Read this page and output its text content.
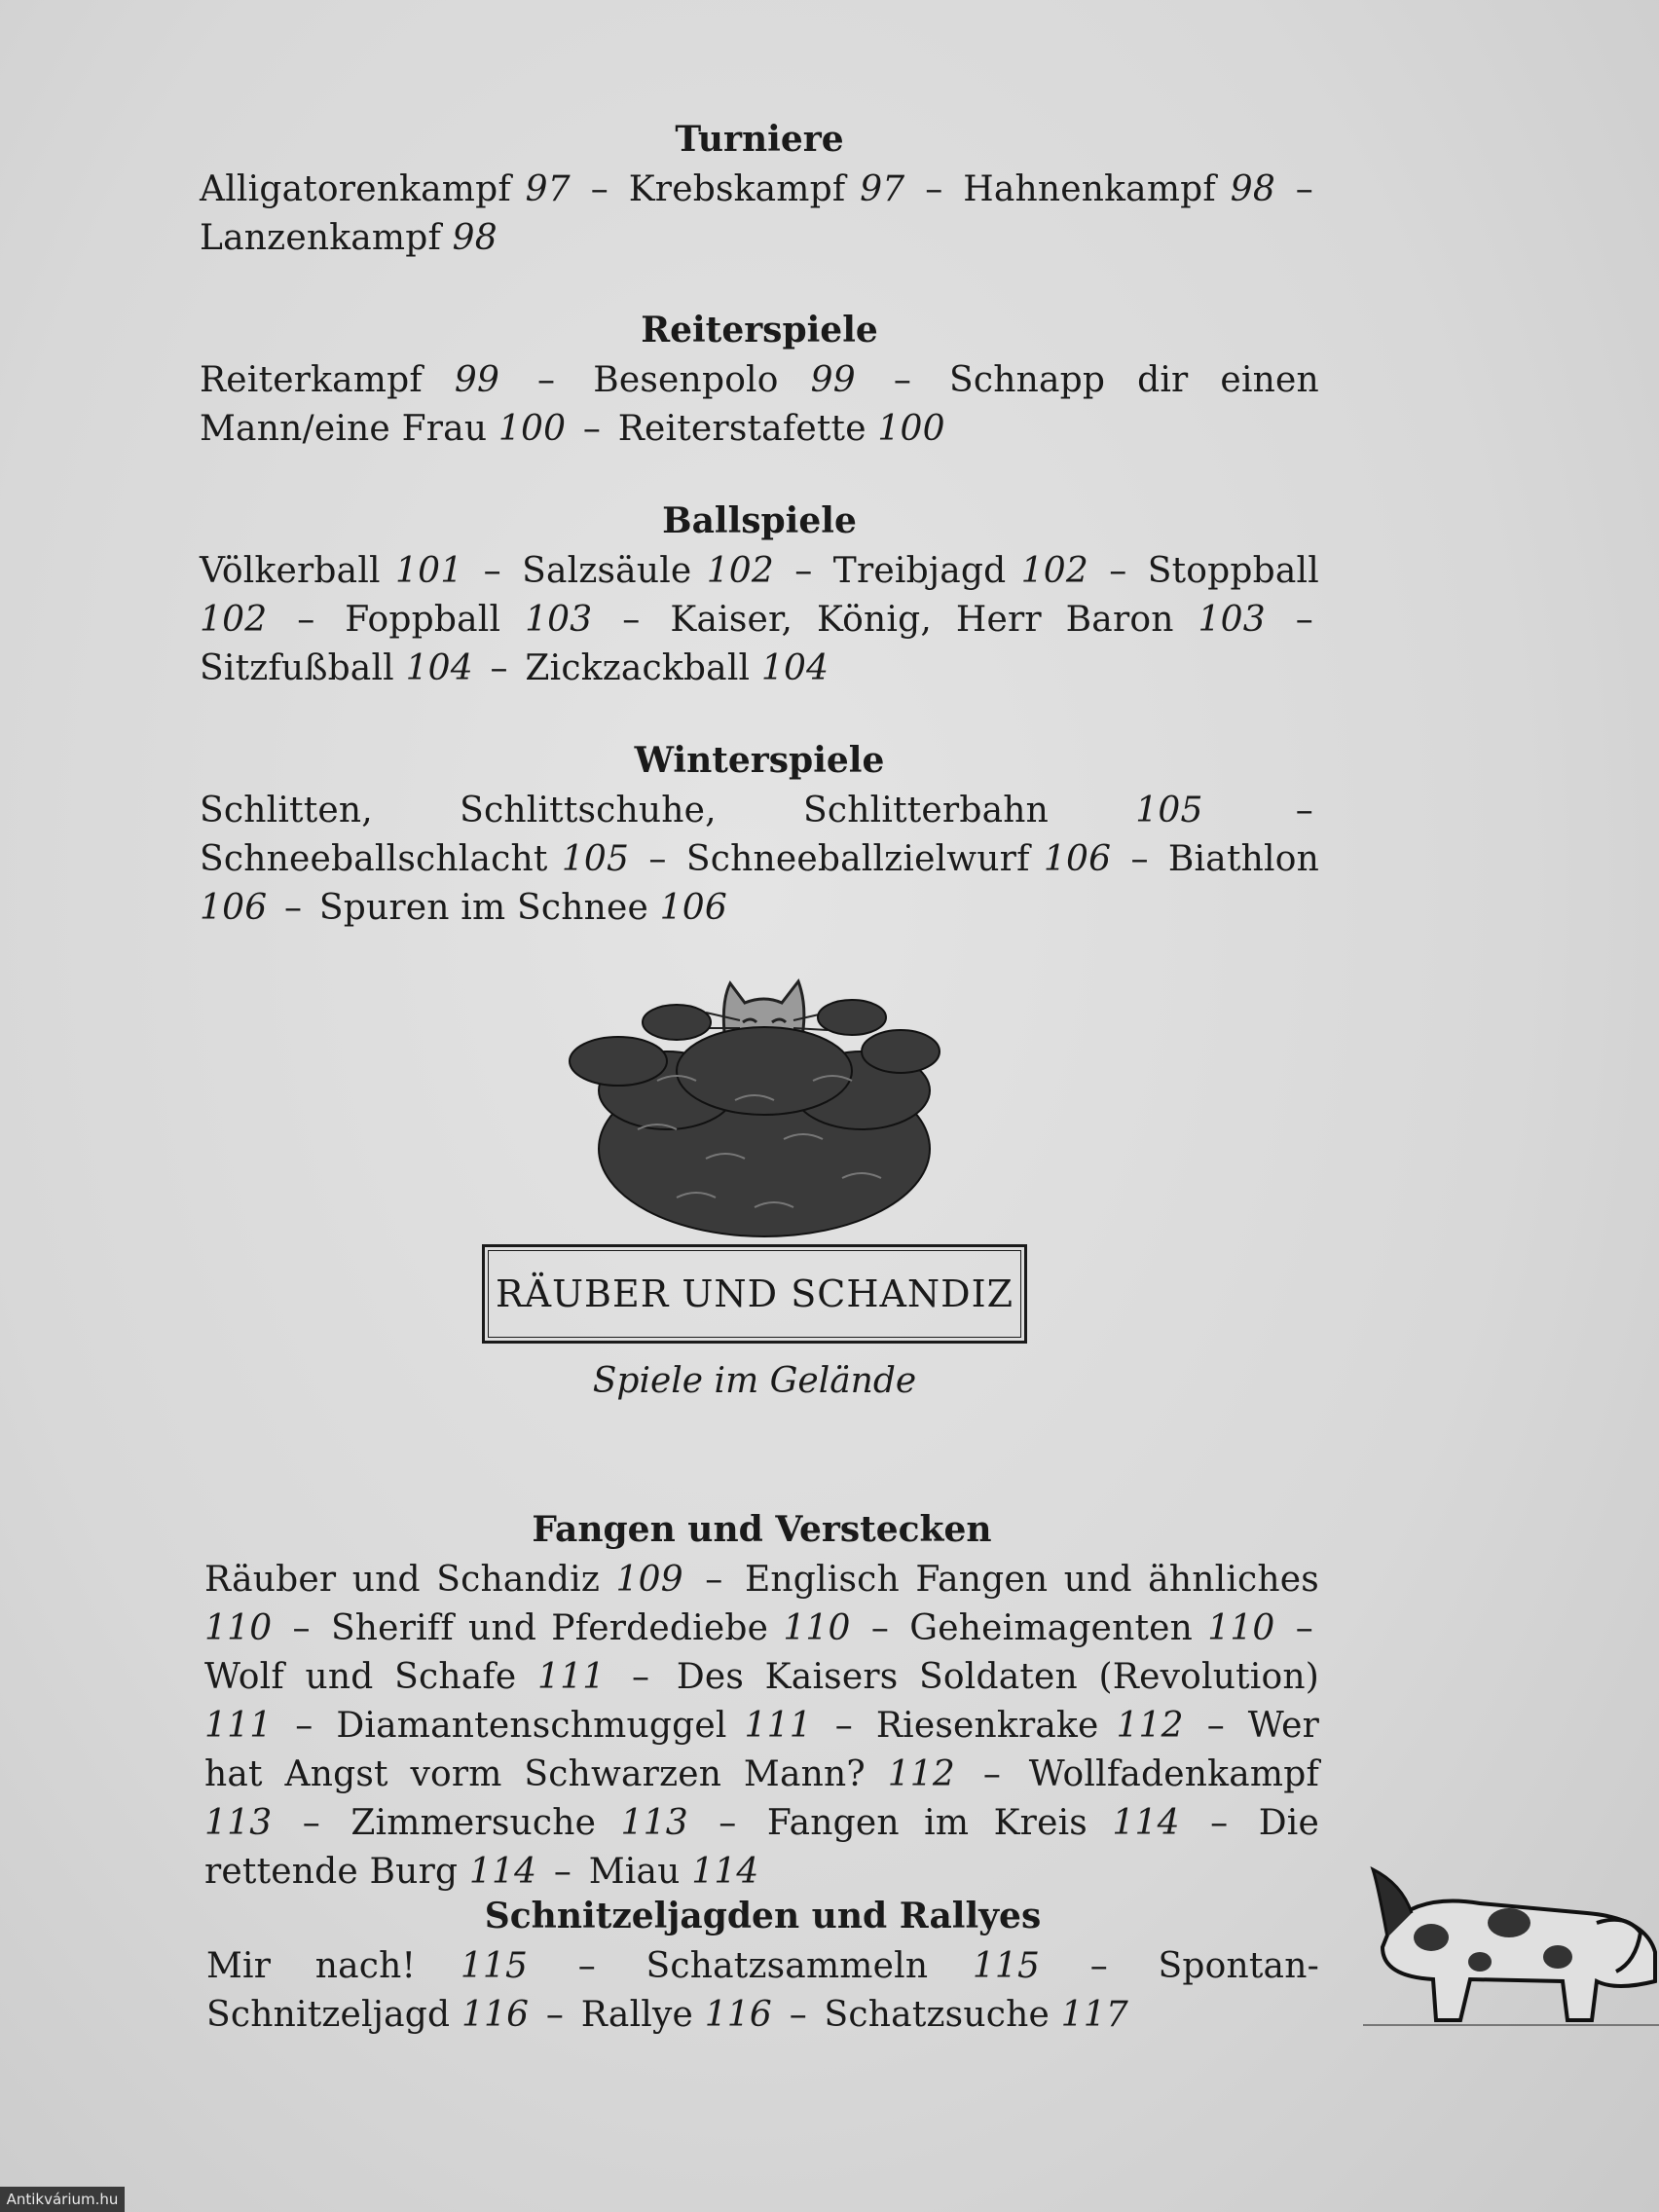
Turniere

Alligatorenkampf 97 – Krebskampf 97 – Hahnenkampf 98 – Lanzenkampf 98

Reiterspiele

Reiterkampf 99 – Besenpolo 99 – Schnapp dir einen Mann/eine Frau 100 – Reiterstafette 100

Ballspiele

Völkerball 101 – Salzsäule 102 – Treibjagd 102 – Stoppball 102 – Foppball 103 – Kaiser, König, Herr Baron 103 – Sitzfußball 104 – Zickzackball 104

Winterspiele

Schlitten, Schlittschuhe, Schlitterbahn 105	– Schneeballschlacht 105 – Schneeballzielwurf 106 – Biathlon 106 – Spuren im Schnee 106

RÄUBER UND SCHANDIZ
Spiele im Gelände
Fangen und Verstecken

Räuber und Schandiz 109 – Englisch Fangen und ähnliches 110 – Sheriff und Pferdediebe 110 – Geheimagenten 110 – Wolf und Schafe 111 – Des Kaisers Soldaten (Revolution) 111 – Diamantenschmuggel 111 – Riesenkrake 112 – Wer hat Angst vorm Schwarzen Mann? 112 – Wollfadenkampf 113 – Zimmersuche 113 – Fangen im Kreis 114 – Die rettende Burg 114 – Miau 114

Schnitzeljagden und Rallyes

Mir nach! 115 – Schatzsammeln 115 – Spontan-Schnitzeljagd 116 – Rallye 116 – Schatzsuche 117

Antikvárium.hu
